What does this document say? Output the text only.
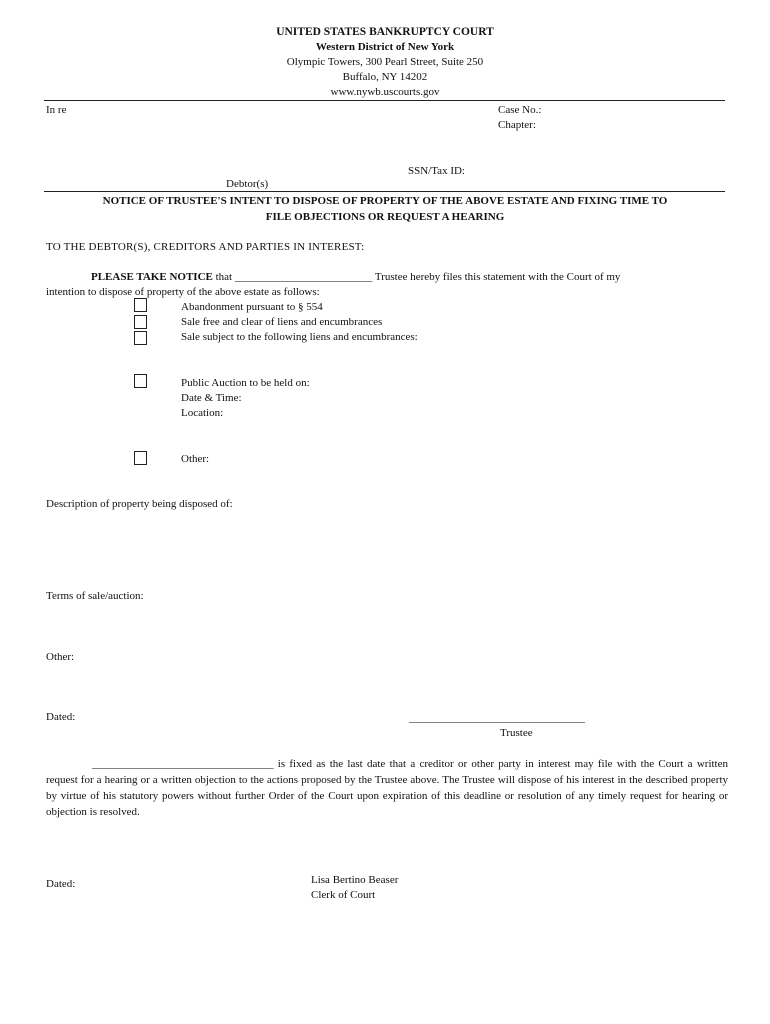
UNITED STATES BANKRUPTCY COURT
Western District of New York
Olympic Towers, 300 Pearl Street, Suite 250
Buffalo, NY 14202
www.nywb.uscourts.gov
In re	Case No.:
Chapter:
SSN/Tax ID:
Debtor(s)
NOTICE OF TRUSTEE'S INTENT TO DISPOSE OF PROPERTY OF THE ABOVE ESTATE AND FIXING TIME TO
FILE OBJECTIONS OR REQUEST A HEARING
TO THE DEBTOR(S), CREDITORS AND PARTIES IN INTEREST:
PLEASE TAKE NOTICE that _________________________ Trustee hereby files this statement with the Court of my
intention to dispose of property of the above estate as follows:
Abandonment pursuant to § 554
Sale free and clear of liens and encumbrances
Sale subject to the following liens and encumbrances:
Public Auction to be held on:
Date & Time:
Location:
Other:
Description of property being disposed of:
Terms of sale/auction:
Other:
Dated:	________________________________
Trustee
_________________________________ is fixed as the last date that a creditor or other party in interest may file with the Court a written request for a hearing or a written objection to the actions proposed by the Trustee above. The Trustee will dispose of his interest in the described property by virtue of his statutory powers without further Order of the Court upon expiration of this deadline or resolution of any timely request for hearing or objection is resolved.
Dated:	Lisa Bertino Beaser
Clerk of Court
